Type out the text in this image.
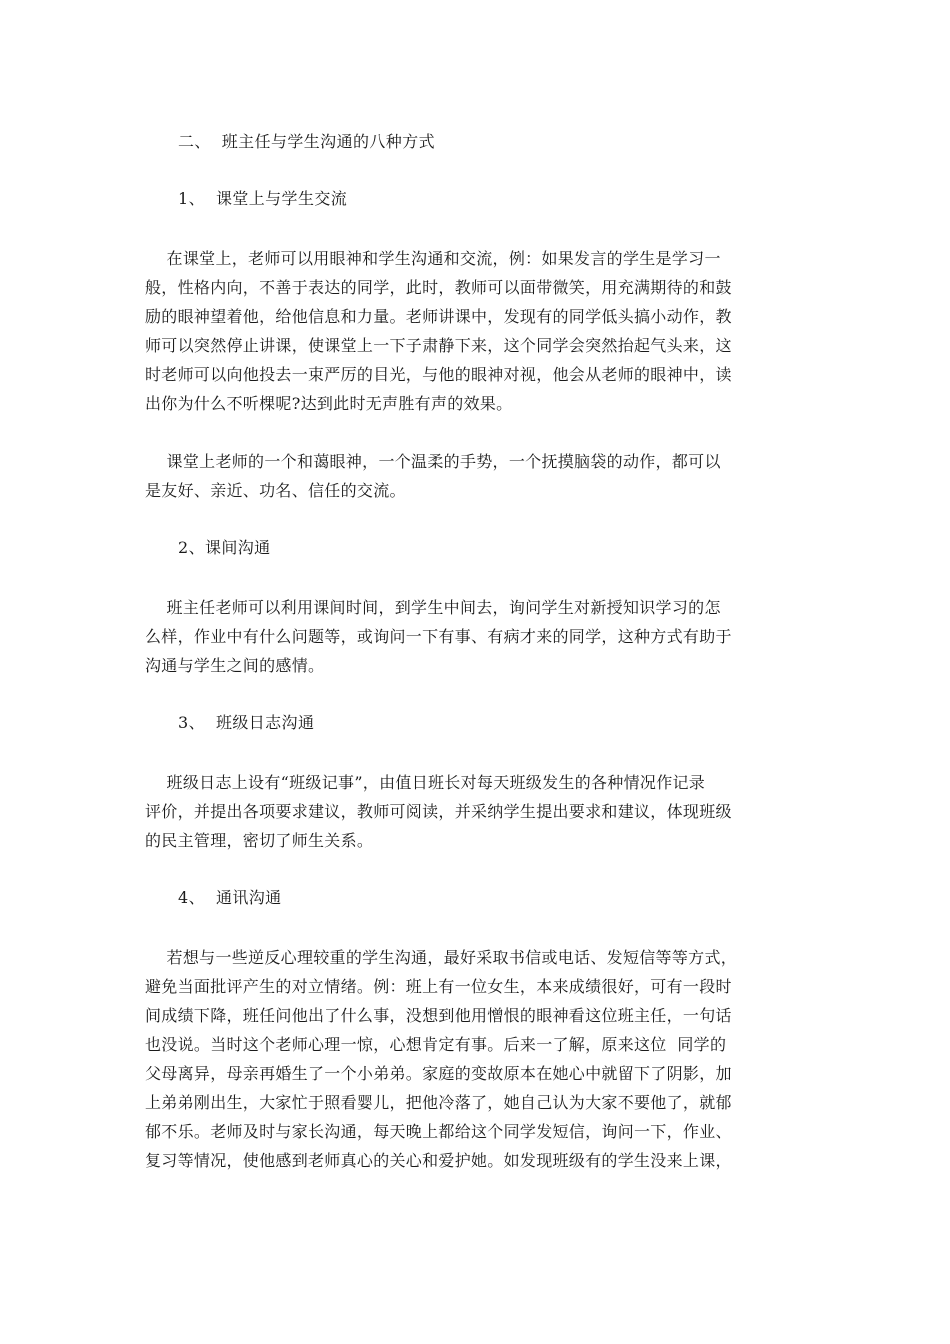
二、  班主任与学生沟通的八种方式
1、  课堂上与学生交流
在课堂上，老师可以用眼神和学生沟通和交流，例：如果发言的学生是学习一
般，性格内向，不善于表达的同学，此时，教师可以面带微笑，用充满期待的和鼓
励的眼神望着他，给他信息和力量。老师讲课中，发现有的同学低头搞小动作，教
师可以突然停止讲课，使课堂上一下子肃静下来，这个同学会突然抬起气头来，这
时老师可以向他投去一束严厉的目光，与他的眼神对视，他会从老师的眼神中，读
出你为什么不听棵呢?达到此时无声胜有声的效果。
课堂上老师的一个和蔼眼神，一个温柔的手势，一个抚摸脑袋的动作，都可以
是友好、亲近、功名、信任的交流。
2、课间沟通
班主任老师可以利用课间时间，到学生中间去，询问学生对新授知识学习的怎
么样，作业中有什么问题等，或询问一下有事、有病才来的同学，这种方式有助于
沟通与学生之间的感情。
3、  班级日志沟通
班级日志上设有“班级记事”，由值日班长对每天班级发生的各种情况作记录
评价，并提出各项要求建议，教师可阅读，并采纳学生提出要求和建议，体现班级
的民主管理，密切了师生关系。
4、  通讯沟通
若想与一些逆反心理较重的学生沟通，最好采取书信或电话、发短信等等方式，
避免当面批评产生的对立情绪。例：班上有一位女生，本来成绩很好，可有一段时
间成绩下降，班任问他出了什么事，没想到他用憎恨的眼神看这位班主任，一句话
也没说。当时这个老师心理一惊，心想肯定有事。后来一了解，原来这位  同学的
父母离异，母亲再婚生了一个小弟弟。家庭的变故原本在她心中就留下了阴影，加
上弟弟刚出生，大家忙于照看婴儿，把他冷落了，她自己认为大家不要他了，就郁
郁不乐。老师及时与家长沟通，每天晚上都给这个同学发短信，询问一下，作业、
复习等情况，使他感到老师真心的关心和爱护她。如发现班级有的学生没来上课，
